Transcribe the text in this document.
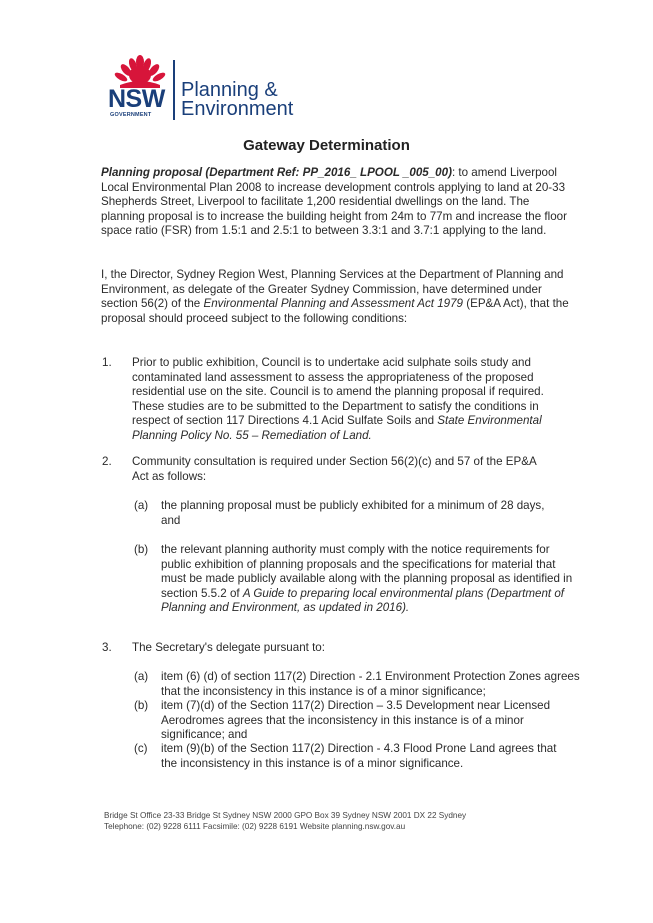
NSW
GOVERNMENT
Planning &
Environment
Gateway Determination
Planning proposal (Department Ref: PP_2016_ LPOOL _005_00): to amend Liverpool Local Environmental Plan 2008 to increase development controls applying to land at 20-33 Shepherds Street, Liverpool to facilitate 1,200 residential dwellings on the land. The planning proposal is to increase the building height from 24m to 77m and increase the floor space ratio (FSR) from 1.5:1 and 2.5:1 to between 3.3:1 and 3.7:1 applying to the land.
I, the Director, Sydney Region West, Planning Services at the Department of Planning and Environment, as delegate of the Greater Sydney Commission, have determined under section 56(2) of the Environmental Planning and Assessment Act 1979 (EP&A Act), that the proposal should proceed subject to the following conditions:
1. Prior to public exhibition, Council is to undertake acid sulphate soils study and contaminated land assessment to assess the appropriateness of the proposed residential use on the site. Council is to amend the planning proposal if required. These studies are to be submitted to the Department to satisfy the conditions in respect of section 117 Directions 4.1 Acid Sulfate Soils and State Environmental Planning Policy No. 55 – Remediation of Land.
2. Community consultation is required under Section 56(2)(c) and 57 of the EP&A Act as follows:
(a) the planning proposal must be publicly exhibited for a minimum of 28 days, and
(b) the relevant planning authority must comply with the notice requirements for public exhibition of planning proposals and the specifications for material that must be made publicly available along with the planning proposal as identified in section 5.5.2 of A Guide to preparing local environmental plans (Department of Planning and Environment, as updated in 2016).
3. The Secretary's delegate pursuant to:
(a) item (6) (d) of section 117(2) Direction - 2.1 Environment Protection Zones agrees that the inconsistency in this instance is of a minor significance;
(b) item (7)(d) of the Section 117(2) Direction – 3.5 Development near Licensed Aerodromes agrees that the inconsistency in this instance is of a minor significance; and
(c) item (9)(b) of the Section 117(2) Direction - 4.3 Flood Prone Land agrees that the inconsistency in this instance is of a minor significance.
Bridge St Office 23-33 Bridge St Sydney NSW 2000 GPO Box 39 Sydney NSW 2001 DX 22 Sydney
Telephone: (02) 9228 6111 Facsimile: (02) 9228 6191 Website planning.nsw.gov.au
